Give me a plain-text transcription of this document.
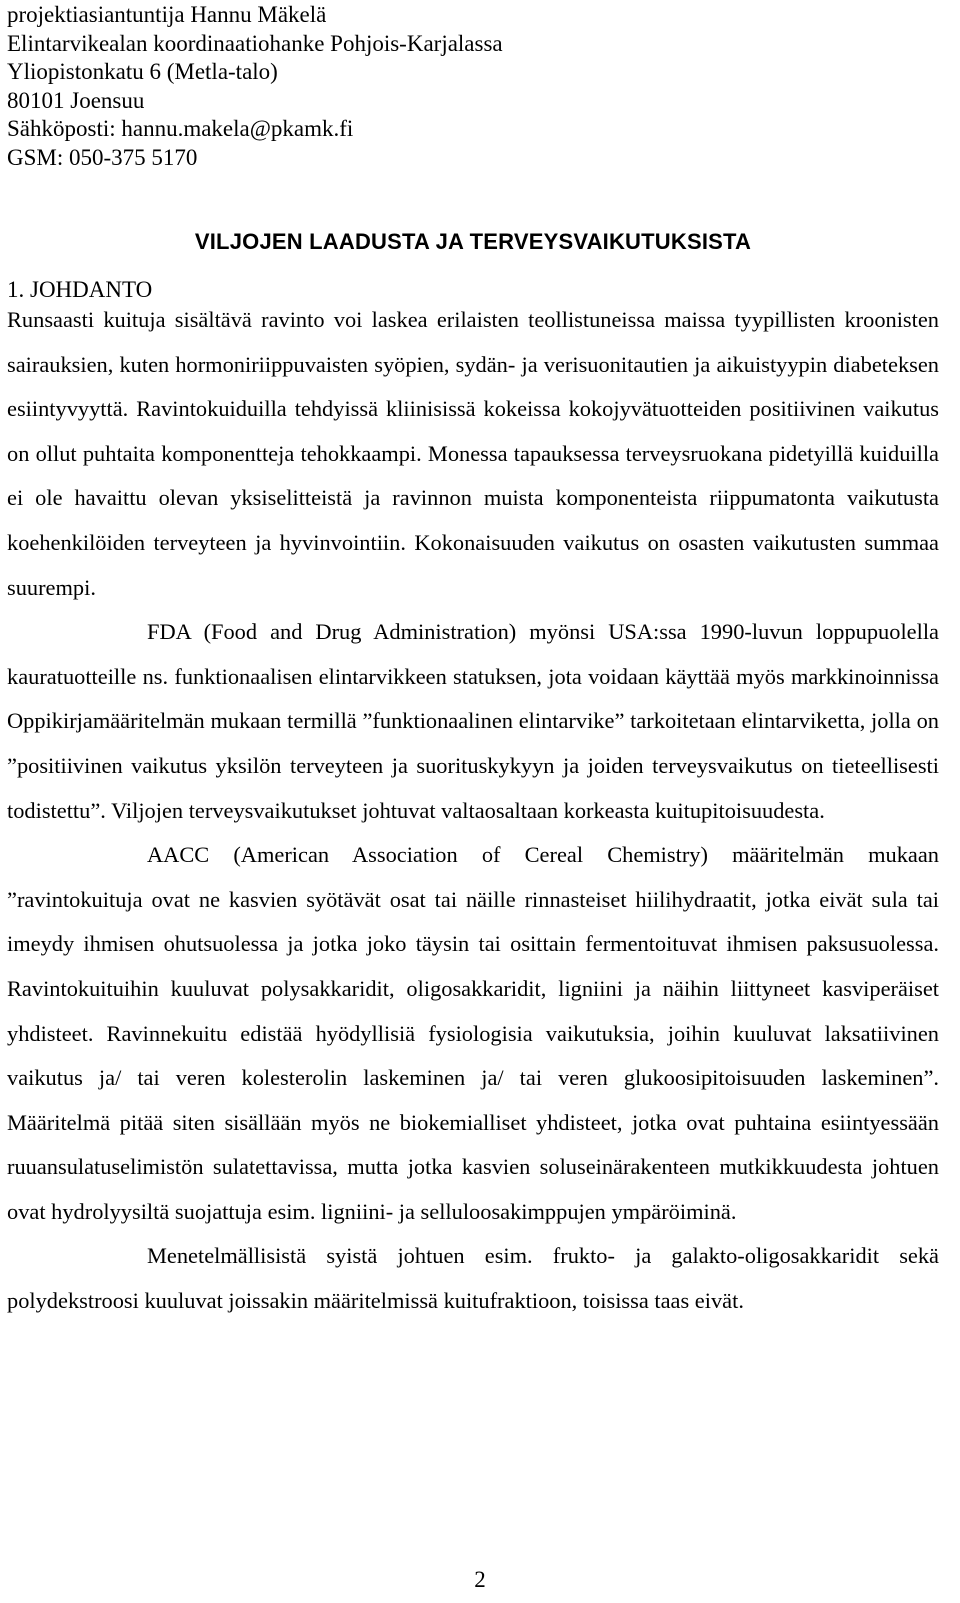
projektiasiantuntija Hannu Mäkelä
Elintarvikealan koordinaatiohanke Pohjois-Karjalassa
Yliopistonkatu 6 (Metla-talo)
80101 Joensuu
Sähköposti: hannu.makela@pkamk.fi
GSM: 050-375 5170
VILJOJEN LAADUSTA JA TERVEYSVAIKUTUKSISTA
1. JOHDANTO

Runsaasti kuituja sisältävä ravinto voi laskea erilaisten teollistuneissa maissa tyypillisten kroonisten sairauksien, kuten hormoniriippuvaisten syöpien, sydän- ja verisuonitautien ja aikuistyypin diabeteksen esiintyvyyttä. Ravintokuiduilla tehdyissä kliinisissä kokeissa kokojyvätuotteiden positiivinen vaikutus on ollut puhtaita komponentteja tehokkaampi. Monessa tapauksessa terveysruokana pidetyillä kuiduilla ei ole havaittu olevan yksiselitteistä ja ravinnon muista komponenteista riippumatonta vaikutusta koehenkilöiden terveyteen ja hyvinvointiin. Kokonaisuuden vaikutus on osasten vaikutusten summaa suurempi.

FDA (Food and Drug Administration) myönsi USA:ssa 1990-luvun loppupuolella kauratuotteille ns. funktionaalisen elintarvikkeen statuksen, jota voidaan käyttää myös markkinoinnissa Oppikirjamääritelmän mukaan termillä ”funktionaalinen elintarvike” tarkoitetaan elintarviketta, jolla on ”positiivinen vaikutus yksilön terveyteen ja suorituskykyyn ja joiden terveysvaikutus on tieteellisesti todistettu”. Viljojen terveysvaikutukset johtuvat valtaosaltaan korkeasta kuitupitoisuudesta.

AACC (American Association of Cereal Chemistry) määritelmän mukaan ”ravintokuituja ovat ne kasvien syötävät osat tai näille rinnasteiset hiilihydraatit, jotka eivät sula tai imeydy ihmisen ohutsuolessa ja jotka joko täysin tai osittain fermentoituvat ihmisen paksusuolessa. Ravintokuituihin kuuluvat polysakkaridit, oligosakkaridit, ligniini ja näihin liittyneet kasviperäiset yhdisteet. Ravinnekuitu edistää hyödyllisiä fysiologisia vaikutuksia, joihin kuuluvat laksatiivinen vaikutus ja/ tai veren kolesterolin laskeminen ja/ tai veren glukoosipitoisuuden laskeminen”. Määritelmä pitää siten sisällään myös ne biokemialliset yhdisteet, jotka ovat puhtaina esiintyessään ruuansulatuselimistön sulatettavissa, mutta jotka kasvien soluseinärakenteen mutkikkuudesta johtuen ovat hydrolyysiltä suojattuja esim. ligniini- ja selluloosakimppujen ympäröiminä.

Menetelmällisistä syistä johtuen esim. frukto- ja galakto-oligosakkaridit sekä polydekstroosi kuuluvat joissakin määritelmissä kuitufraktioon, toisissa taas eivät.

2
